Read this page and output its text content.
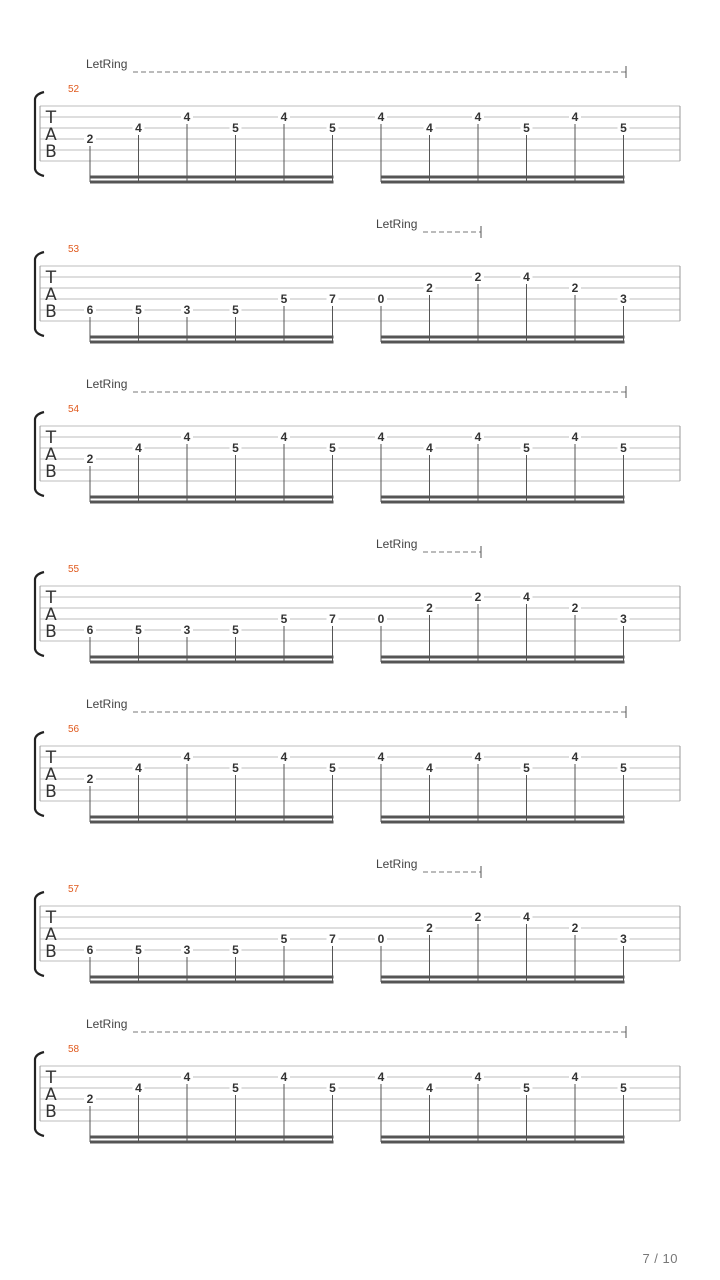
LetRing
52
T
A
B
2
4
4
5
4
5
4
4
4
5
4
5
LetRing
53
T
A
B 6	5	3	5
5	7	0
2
2	4
2
3
LetRing
54
T
A
B
2
4
4
5
4
5
4
4
4
5
4
5
LetRing
55
T
A
B 6	5	3	5
5	7	0
2
2	4
2
3
LetRing
56
T
A
B
2
4
4
5
4
5
4
4
4
5
4
5
LetRing
57
T
A
B 6	5	3	5
5	7	0
2
2	4
2
3
LetRing
58
T
A
B
2
4
4
5
4
5
4
4
4
5
4
5
7 / 10
